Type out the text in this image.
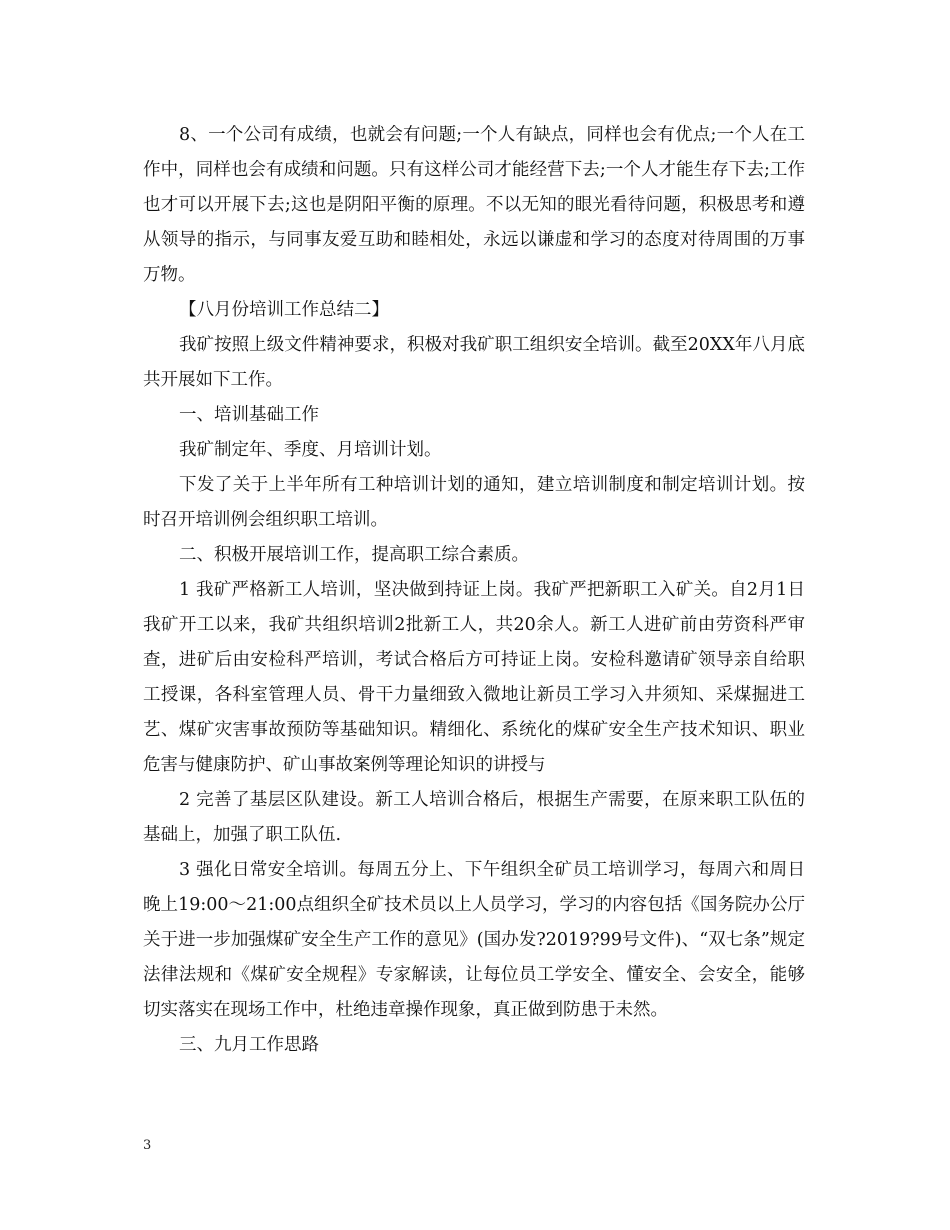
8、一个公司有成绩，也就会有问题;一个人有缺点，同样也会有优点;一个人在工作中，同样也会有成绩和问题。只有这样公司才能经营下去;一个人才能生存下去;工作也才可以开展下去;这也是阴阳平衡的原理。不以无知的眼光看待问题，积极思考和遵从领导的指示，与同事友爱互助和睦相处，永远以谦虚和学习的态度对待周围的万事万物。

【八月份培训工作总结二】

我矿按照上级文件精神要求，积极对我矿职工组织安全培训。截至20XX年八月底共开展如下工作。

一、培训基础工作

我矿制定年、季度、月培训计划。

下发了关于上半年所有工种培训计划的通知，建立培训制度和制定培训计划。按时召开培训例会组织职工培训。

二、积极开展培训工作，提高职工综合素质。

1 我矿严格新工人培训，坚决做到持证上岗。我矿严把新职工入矿关。自2月1日我矿开工以来，我矿共组织培训2批新工人，共20余人。新工人进矿前由劳资科严审查，进矿后由安检科严培训，考试合格后方可持证上岗。安检科邀请矿领导亲自给职工授课，各科室管理人员、骨干力量细致入微地让新员工学习入井须知、采煤掘进工艺、煤矿灾害事故预防等基础知识。精细化、系统化的煤矿安全生产技术知识、职业危害与健康防护、矿山事故案例等理论知识的讲授与

2 完善了基层区队建设。新工人培训合格后，根据生产需要，在原来职工队伍的基础上，加强了职工队伍.

3 强化日常安全培训。每周五分上、下午组织全矿员工培训学习，每周六和周日晚上19:00～21:00点组织全矿技术员以上人员学习，学习的内容包括《国务院办公厅关于进一步加强煤矿安全生产工作的意见》(国办发?2019?99号文件)、“双七条”规定法律法规和《煤矿安全规程》专家解读，让每位员工学安全、懂安全、会安全，能够切实落实在现场工作中，杜绝违章操作现象，真正做到防患于未然。

三、九月工作思路

3
